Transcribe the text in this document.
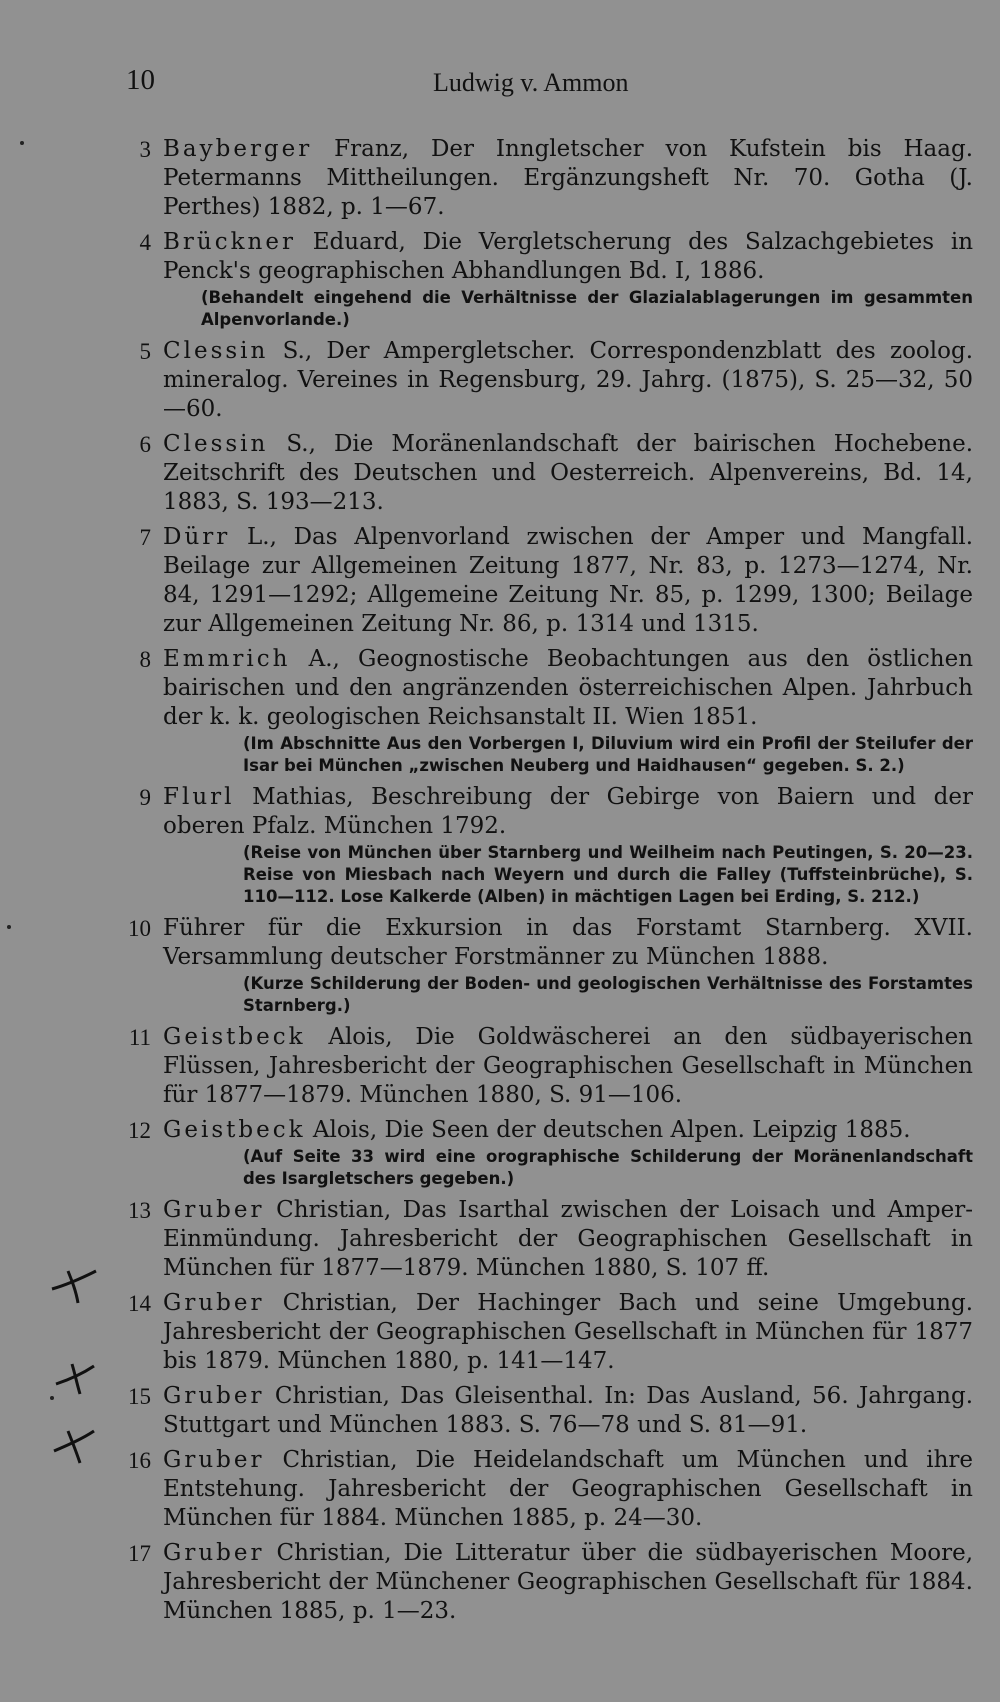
10	Ludwig v. Ammon
3 Bayberger Franz, Der Inngletscher von Kufstein bis Haag. Petermanns Mittheilungen. Ergänzungsheft Nr. 70. Gotha (J. Perthes) 1882, p. 1—67.
4 Brückner Eduard, Die Vergletscherung des Salzachgebietes in Penck's geographischen Abhandlungen Bd. I, 1886.
(Behandelt eingehend die Verhältnisse der Glazialablagerungen im gesammten Alpenvorlande.)
5 Clessin S., Der Ampergletscher. Correspondenzblatt des zoolog. mineralog. Vereines in Regensburg, 29. Jahrg. (1875), S. 25—32, 50—60.
6 Clessin S., Die Moränenlandschaft der bairischen Hochebene. Zeitschrift des Deutschen und Oesterreich. Alpenvereins, Bd. 14, 1883, S. 193—213.
7 Dürr L., Das Alpenvorland zwischen der Amper und Mangfall. Beilage zur Allgemeinen Zeitung 1877, Nr. 83, p. 1273—1274, Nr. 84, 1291—1292; Allgemeine Zeitung Nr. 85, p. 1299, 1300; Beilage zur Allgemeinen Zeitung Nr. 86, p. 1314 und 1315.
8 Emmrich A., Geognostische Beobachtungen aus den östlichen bairischen und den angränzenden österreichischen Alpen. Jahrbuch der k. k. geologischen Reichsanstalt II. Wien 1851.
(Im Abschnitte Aus den Vorbergen I, Diluvium wird ein Profil der Steilufer der Isar bei München „zwischen Neuberg und Haidhausen“ gegeben. S. 2.)
9 Flurl Mathias, Beschreibung der Gebirge von Baiern und der oberen Pfalz. München 1792.
(Reise von München über Starnberg und Weilheim nach Peutingen, S. 20—23. Reise von Miesbach nach Weyern und durch die Falley (Tuffsteinbrüche), S. 110—112. Lose Kalkerde (Alben) in mächtigen Lagen bei Erding, S. 212.)
10 Führer für die Exkursion in das Forstamt Starnberg. XVII. Versammlung deutscher Forstmänner zu München 1888.
(Kurze Schilderung der Boden- und geologischen Verhältnisse des Forstamtes Starnberg.)
11 Geistbeck Alois, Die Goldwäscherei an den südbayerischen Flüssen, Jahresbericht der Geographischen Gesellschaft in München für 1877—1879. München 1880, S. 91—106.
12 Geistbeck Alois, Die Seen der deutschen Alpen. Leipzig 1885.
(Auf Seite 33 wird eine orographische Schilderung der Moränenlandschaft des Isargletschers gegeben.)
13 Gruber Christian, Das Isarthal zwischen der Loisach und Amper-Einmündung. Jahresbericht der Geographischen Gesellschaft in München für 1877—1879. München 1880, S. 107 ff.
14 Gruber Christian, Der Hachinger Bach und seine Umgebung. Jahresbericht der Geographischen Gesellschaft in München für 1877 bis 1879. München 1880, p. 141—147.
15 Gruber Christian, Das Gleisenthal. In: Das Ausland, 56. Jahrgang. Stuttgart und München 1883. S. 76—78 und S. 81—91.
16 Gruber Christian, Die Heidelandschaft um München und ihre Entstehung. Jahresbericht der Geographischen Gesellschaft in München für 1884. München 1885, p. 24—30.
17 Gruber Christian, Die Litteratur über die südbayerischen Moore, Jahresbericht der Münchener Geographischen Gesellschaft für 1884. München 1885, p. 1—23.
